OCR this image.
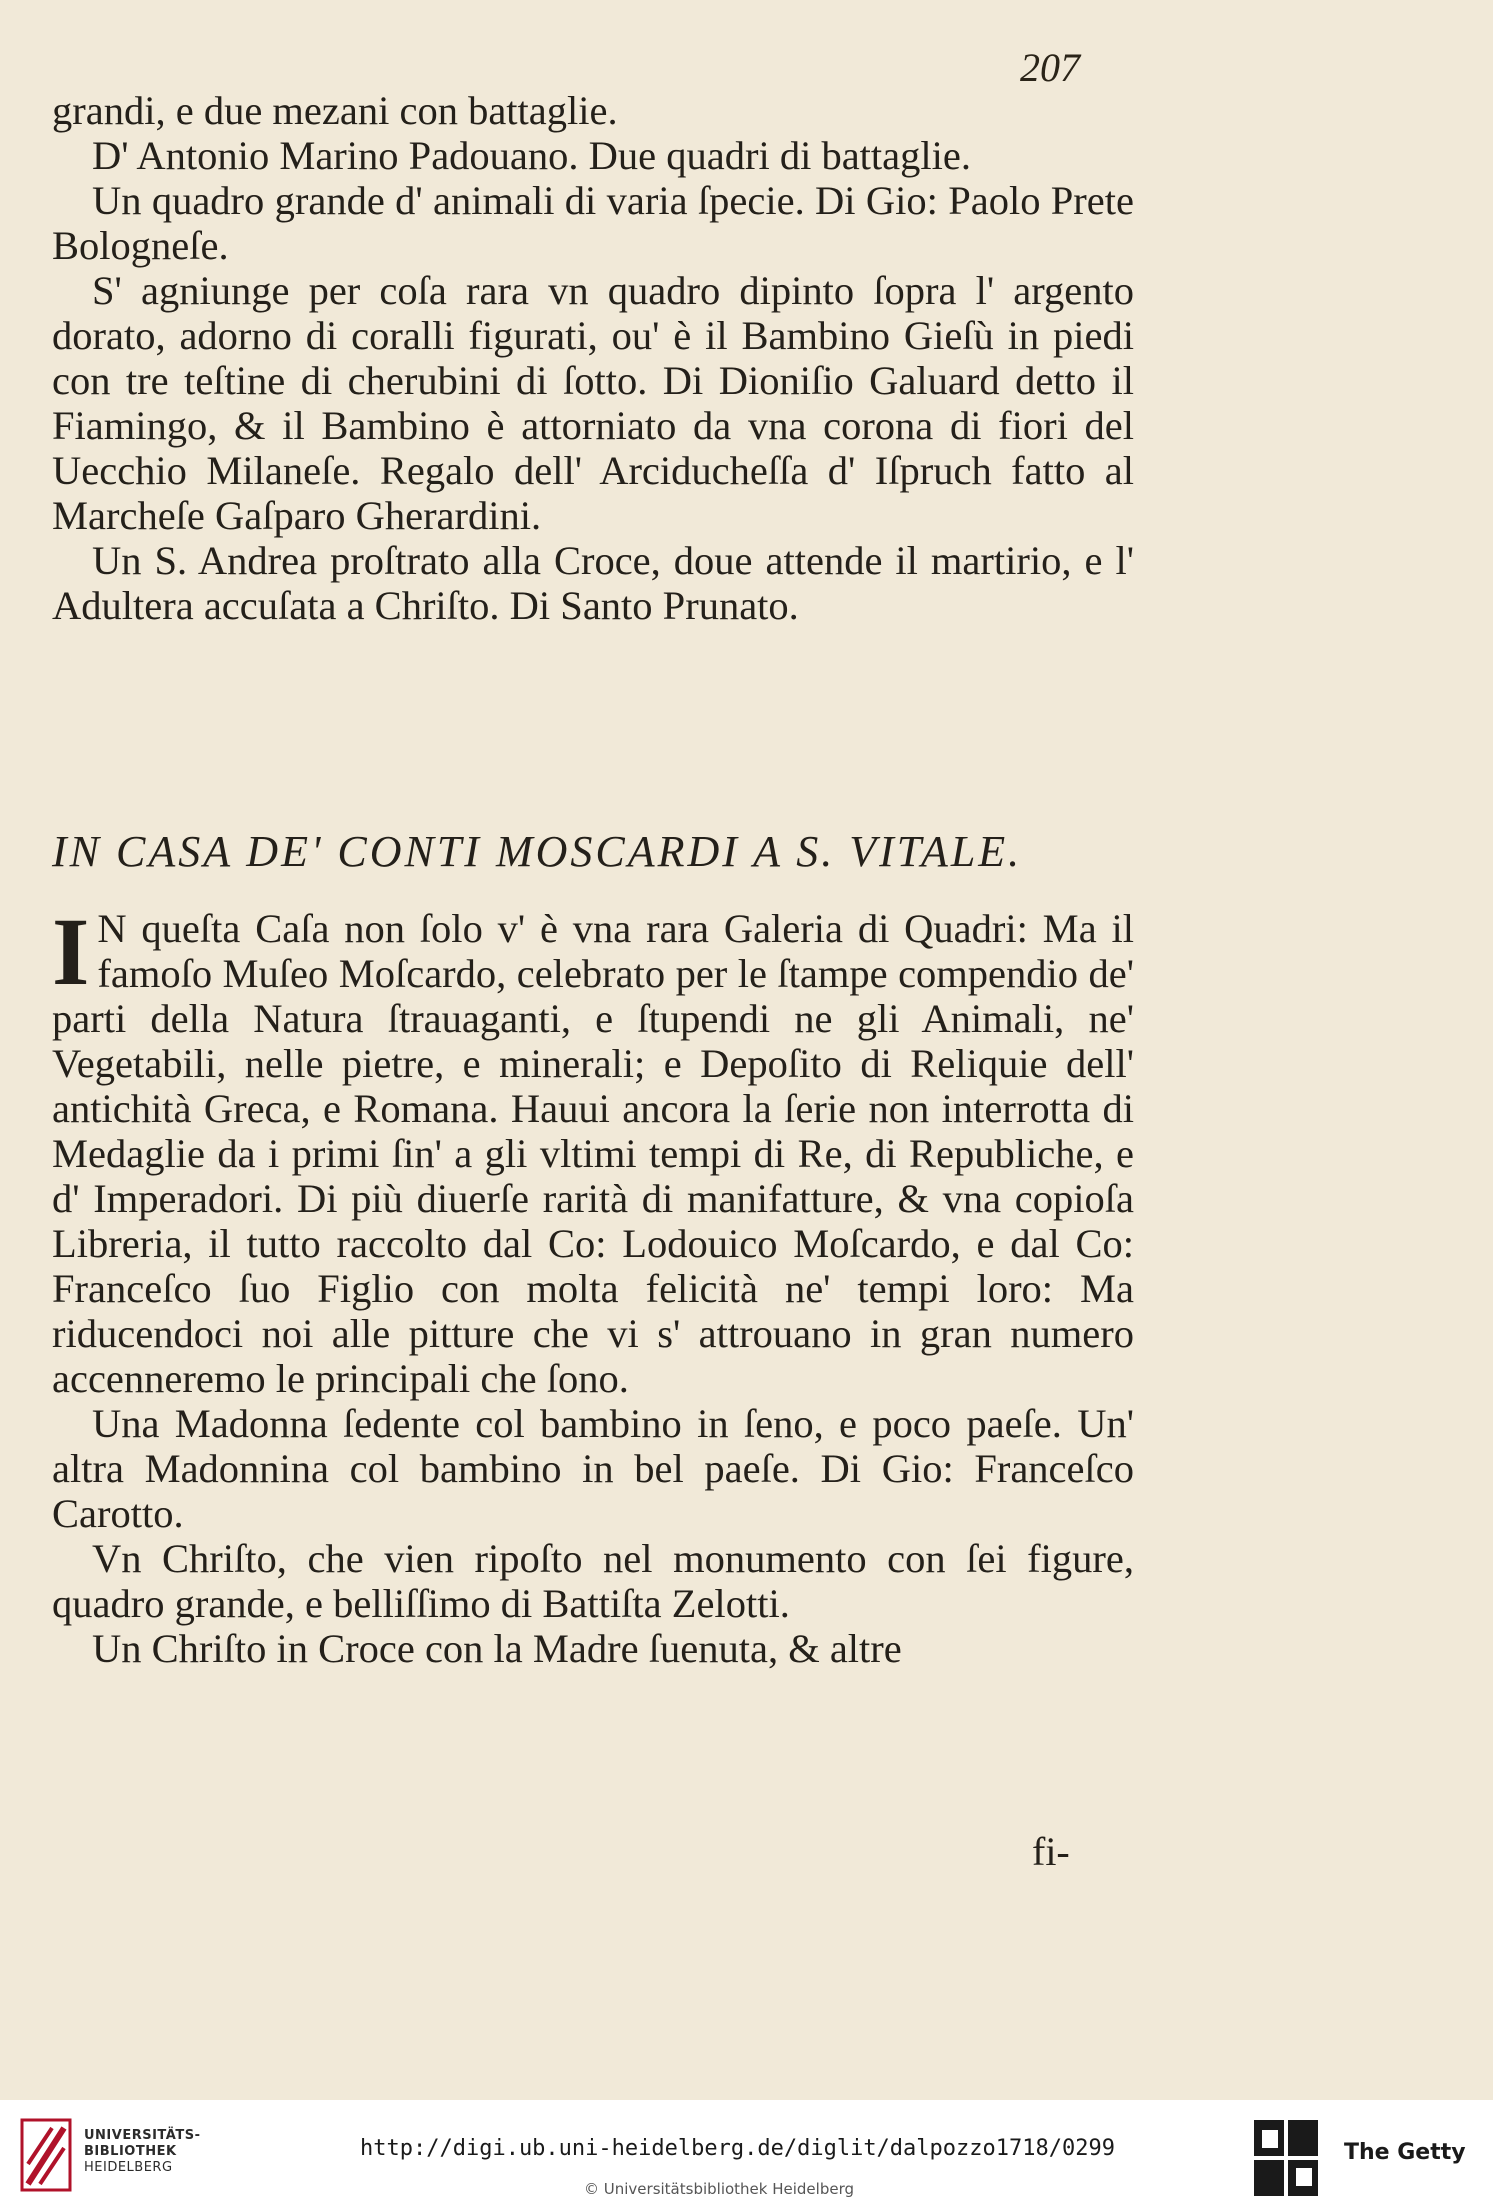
207

grandi, e due mezani con battaglie.

D' Antonio Marino Padouano. Due quadri di battaglie.

Un quadro grande d' animali di varia ſpecie. Di Gio: Paolo Prete Bologneſe.

S' agniunge per coſa rara vn quadro dipinto ſopra l' argento dorato, adorno di coralli figurati, ou' è il Bambino Gieſù in piedi con tre teſtine di cherubini di ſotto. Di Dioniſio Galuard detto il Fiamingo, & il Bambino è attorniato da vna corona di fiori del Uecchio Milaneſe. Regalo dell' Arciducheſſa d' Iſpruch fatto al Marcheſe Gaſparo Gherardini.

Un S. Andrea proſtrato alla Croce, doue attende il martirio, e l' Adultera accuſata a Chriſto. Di Santo Prunato.

IN CASA DE' CONTI MOSCARDI A S. VITALE.

I N queſta Caſa non ſolo v' è vna rara Galeria di Quadri: Ma il famoſo Muſeo Moſcardo, celebrato per le ſtampe compendio de' parti della Natura ſtrauaganti, e ſtupendi ne gli Animali, ne' Vegetabili, nelle pietre, e minerali; e Depoſito di Reliquie dell' antichità Greca, e Romana. Hauui ancora la ſerie non interrotta di Medaglie da i primi ſin' a gli vltimi tempi di Re, di Republiche, e d' Imperadori. Di più diuerſe rarità di manifatture, & vna copioſa Libreria, il tutto raccolto dal Co: Lodouico Moſcardo, e dal Co: Franceſco ſuo Figlio con molta felicità ne' tempi loro: Ma riducendoci noi alle pitture che vi s' attrouano in gran numero accenneremo le principali che ſono.

Una Madonna ſedente col bambino in ſeno, e poco paeſe. Un' altra Madonnina col bambino in bel paeſe. Di Gio: Franceſco Carotto.

Vn Chriſto, che vien ripoſto nel monumento con ſei figure, quadro grande, e belliſſimo di Battiſta Zelotti.

Un Chriſto in Croce con la Madre ſuenuta, & altre

fi-
UNIVERSITÄTS-
BIBLIOTHEK
HEIDELBERG
http://digi.ub.uni-heidelberg.de/diglit/dalpozzo1718/0299
© Universitätsbibliothek Heidelberg
The Getty
